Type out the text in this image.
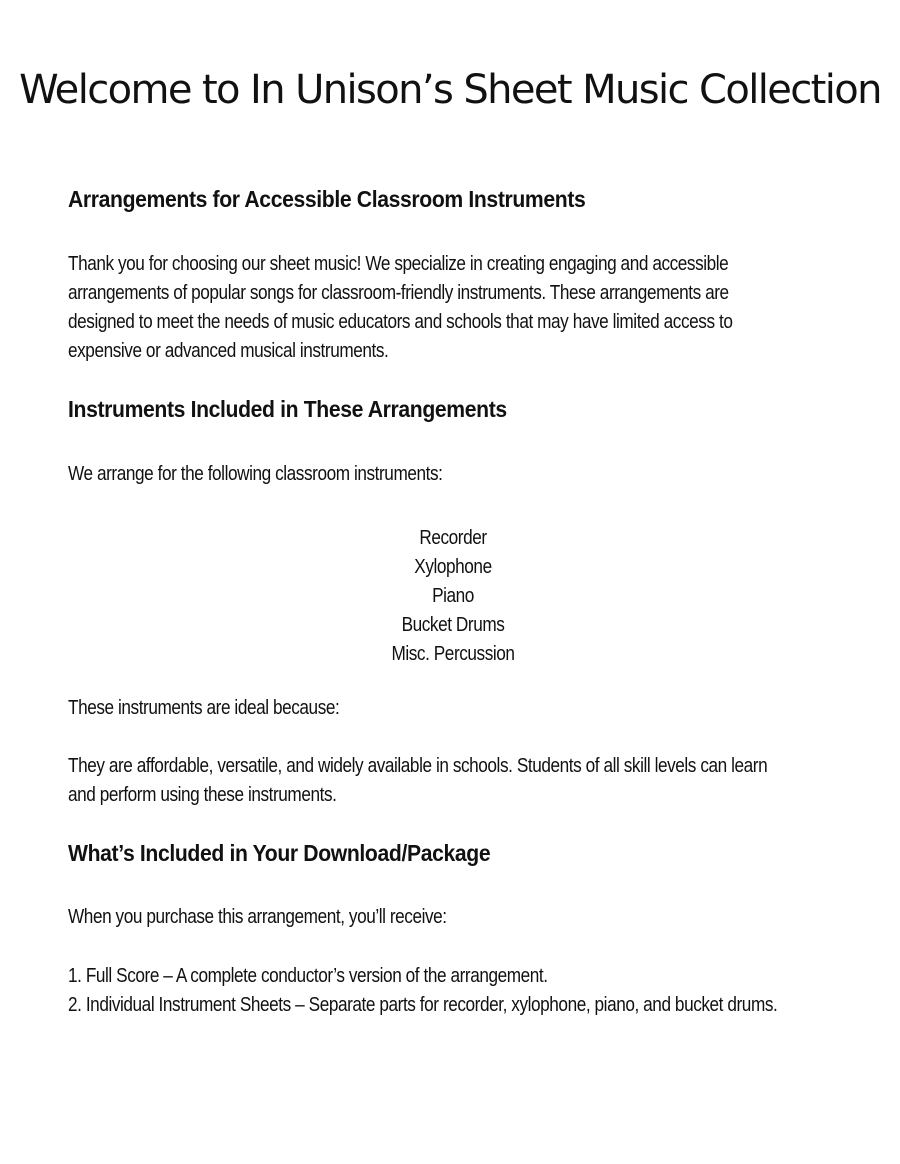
Welcome to In Unison’s Sheet Music Collection
Arrangements for Accessible Classroom Instruments
Thank you for choosing our sheet music! We specialize in creating engaging and accessible
arrangements of popular songs for classroom-friendly instruments. These arrangements are
designed to meet the needs of music educators and schools that may have limited access to
expensive or advanced musical instruments.
Instruments Included in These Arrangements
We arrange for the following classroom instruments:
Recorder
Xylophone
Piano
Bucket Drums
Misc. Percussion
These instruments are ideal because:
They are affordable, versatile, and widely available in schools. Students of all skill levels can learn
and perform using these instruments.
What’s Included in Your Download/Package
When you purchase this arrangement, you’ll receive:
1. Full Score – A complete conductor’s version of the arrangement.
2. Individual Instrument Sheets – Separate parts for recorder, xylophone, piano, and bucket drums.
